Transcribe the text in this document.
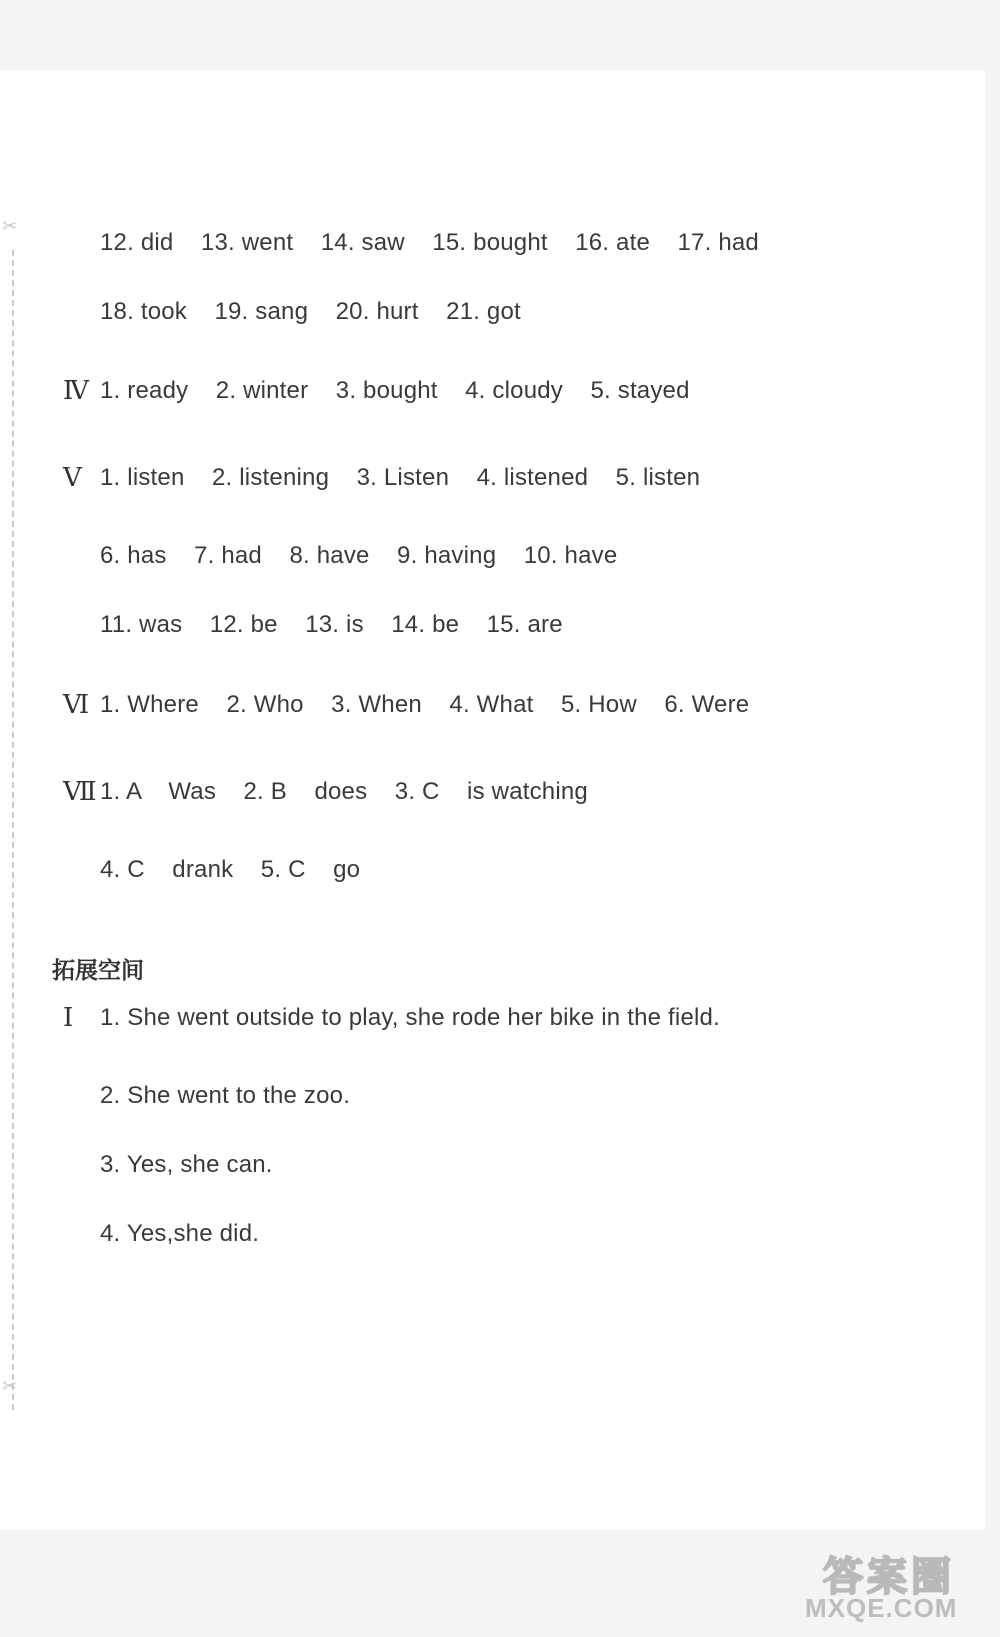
✂
✂
12. did    13. went    14. saw    15. bought    16. ate    17. had
18. took    19. sang    20. hurt    21. got
Ⅳ 1. ready    2. winter    3. bought    4. cloudy    5. stayed
Ⅴ 1. listen    2. listening    3. Listen    4. listened    5. listen
6. has    7. had    8. have    9. having    10. have
11. was    12. be    13. is    14. be    15. are
Ⅵ 1. Where    2. Who    3. When    4. What    5. How    6. Were
Ⅶ 1. A    Was    2. B    does    3. C    is watching
4. C    drank    5. C    go
拓展空间
Ⅰ 1. She went outside to play, she rode her bike in the field.
2. She went to the zoo.
3. Yes, she can.
4. Yes,she did.
答案圈
MXQE.COM
